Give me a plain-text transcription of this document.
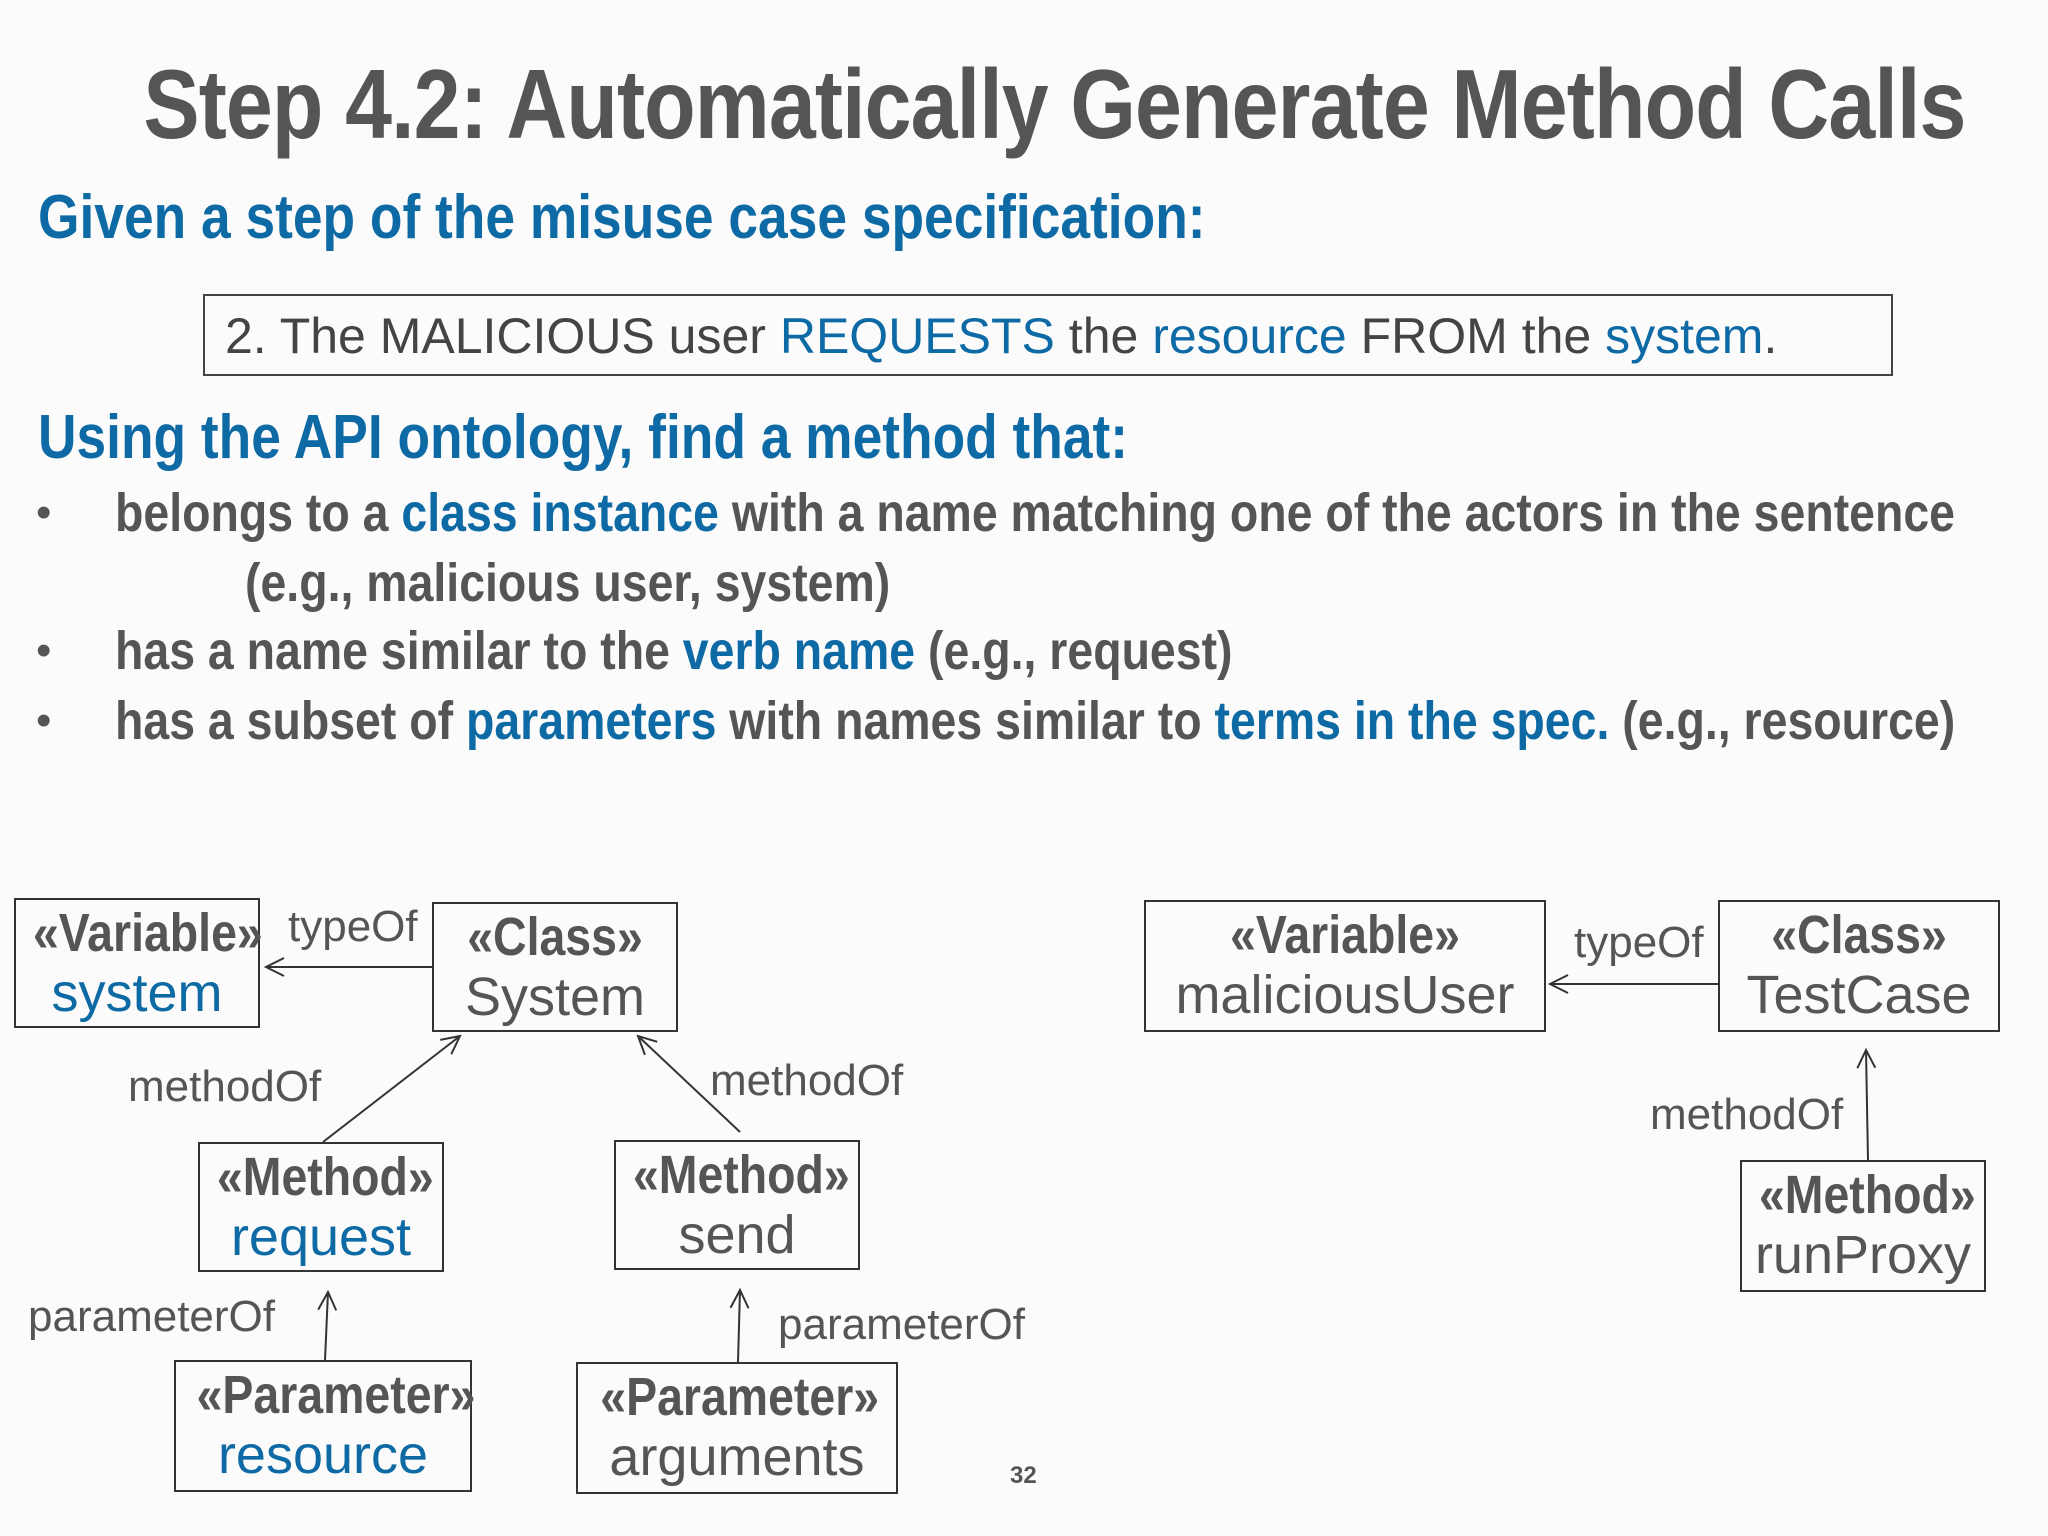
Step 4.2: Automatically Generate Method Calls
Given a step of the misuse case specification:
2. The MALICIOUS user REQUESTS the resource FROM the system.
Using the API ontology, find a method that:
• belongs to a class instance with a name matching one of the actors in the sentence
(e.g., malicious user, system)
• has a name similar to the verb name (e.g., request)
• has a subset of parameters with names similar to terms in the spec. (e.g., resource)
«Variable»
system
typeOf «Class»
System
methodOf	methodOf
«Method»
request
«Method»
send
parameterOf	parameterOf
«Parameter»
resource
«Parameter»
arguments	32
«Variable»
maliciousUser
typeOf	«Class»
TestCase
methodOf
«Method»
runProxy
